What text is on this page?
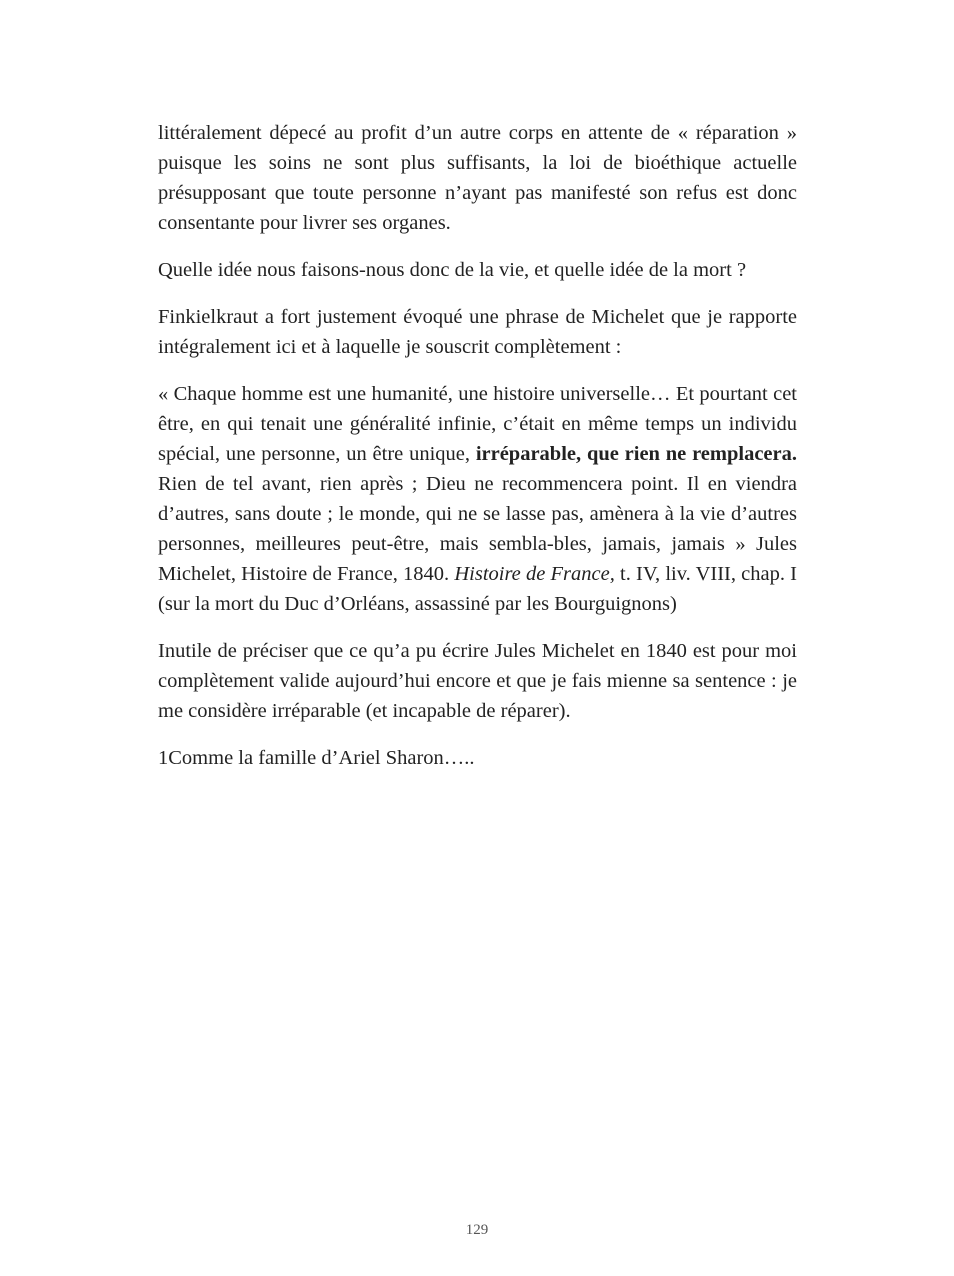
littéralement dépecé au profit d’un autre corps en attente de « réparation » puisque les soins ne sont plus suffisants, la loi de bioéthique actuelle présupposant que toute personne n’ayant pas manifesté son refus est donc consentante pour livrer ses organes.

Quelle idée nous faisons-nous donc de la vie, et quelle idée de la mort ?

Finkielkraut a fort justement évoqué une phrase de Michelet que je rapporte intégralement ici et à laquelle je souscrit complètement :

« Chaque homme est une humanité, une histoire universelle… Et pourtant cet être, en qui tenait une généralité infinie, c’était en même temps un individu spécial, une personne, un être unique, irréparable, que rien ne remplacera. Rien de tel avant, rien après ; Dieu ne recommencera point. Il en viendra d’autres, sans doute ; le monde, qui ne se lasse pas, amènera à la vie d’autres personnes, meilleures peut-être, mais sembla-bles, jamais, jamais » Jules Michelet, Histoire de France, 1840. Histoire de France, t. IV, liv. VIII, chap. I (sur la mort du Duc d’Orléans, assassiné par les Bourguignons)

Inutile de préciser que ce qu’a pu écrire Jules Michelet en 1840 est pour moi complètement valide aujourd’hui encore et que je fais mienne sa sentence : je me considère irréparable (et incapable de réparer).

1Comme la famille d’Ariel Sharon…..

129
